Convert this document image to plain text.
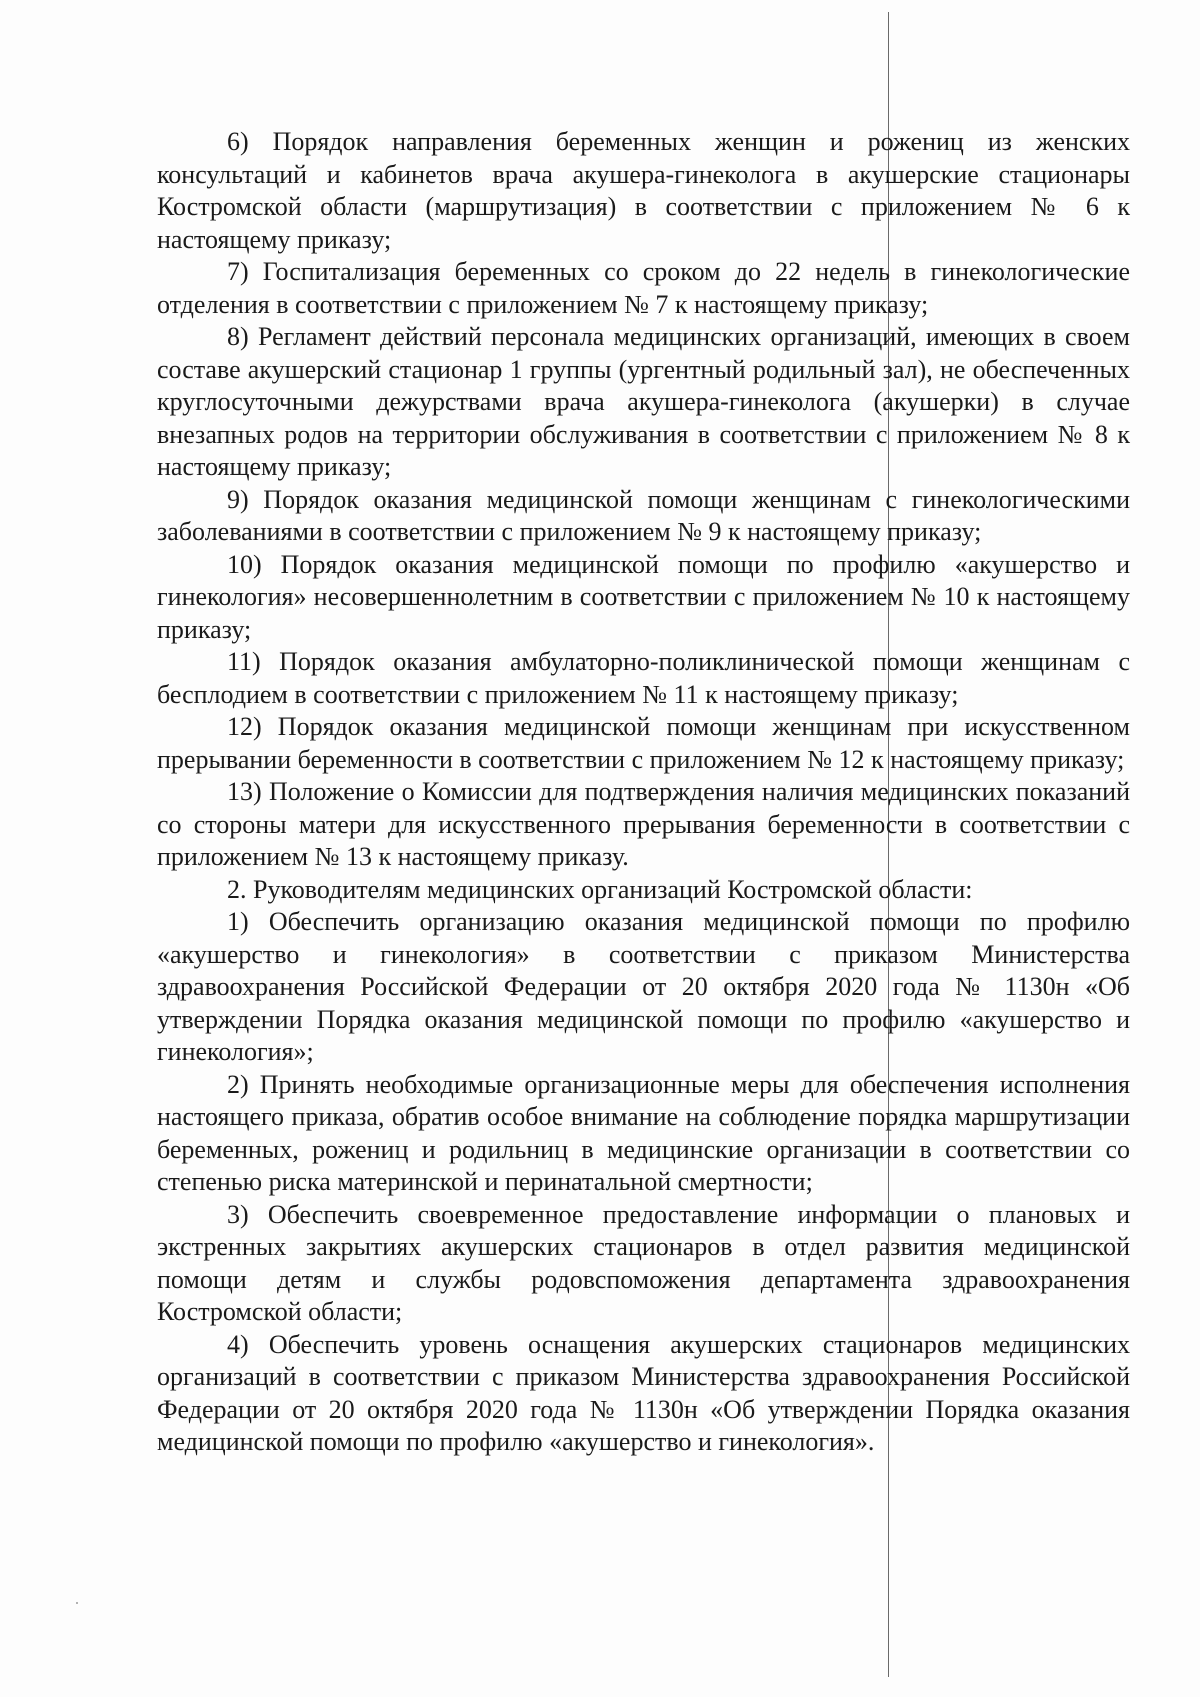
6) Порядок направления беременных женщин и рожениц из женских консультаций и кабинетов врача акушера-гинеколога в акушерские стационары Костромской области (маршрутизация) в соответствии с приложением № 6 к настоящему приказу;

7) Госпитализация беременных со сроком до 22 недель в гинекологические отделения в соответствии с приложением № 7 к настоящему приказу;

8) Регламент действий персонала медицинских организаций, имеющих в своем составе акушерский стационар 1 группы (ургентный родильный зал), не обеспеченных круглосуточными дежурствами врача акушера-гинеколога (акушерки) в случае внезапных родов на территории обслуживания в соответствии с приложением № 8 к настоящему приказу;

9) Порядок оказания медицинской помощи женщинам с гинекологическими заболеваниями в соответствии с приложением № 9 к настоящему приказу;

10) Порядок оказания медицинской помощи по профилю «акушерство и гинекология» несовершеннолетним в соответствии с приложением № 10 к настоящему приказу;

11) Порядок оказания амбулаторно-поликлинической помощи женщинам с бесплодием в соответствии с приложением № 11 к настоящему приказу;

12) Порядок оказания медицинской помощи женщинам при искусственном прерывании беременности в соответствии с приложением № 12 к настоящему приказу;

13) Положение о Комиссии для подтверждения наличия медицинских показаний со стороны матери для искусственного прерывания беременности в соответствии с приложением № 13 к настоящему приказу.

2. Руководителям медицинских организаций Костромской области:

1) Обеспечить организацию оказания медицинской помощи по профилю «акушерство и гинекология» в соответствии с приказом Министерства здравоохранения Российской Федерации от 20 октября 2020 года № 1130н «Об утверждении Порядка оказания медицинской помощи по профилю «акушерство и гинекология»;

2) Принять необходимые организационные меры для обеспечения исполнения настоящего приказа, обратив особое внимание на соблюдение порядка маршрутизации беременных, рожениц и родильниц в медицинские организации в соответствии со степенью риска материнской и перинатальной смертности;

3) Обеспечить своевременное предоставление информации о плановых и экстренных закрытиях акушерских стационаров в отдел развития медицинской помощи детям и службы родовспоможения департамента здравоохранения Костромской области;

4) Обеспечить уровень оснащения акушерских стационаров медицинских организаций в соответствии с приказом Министерства здравоохранения Российской Федерации от 20 октября 2020 года № 1130н «Об утверждении Порядка оказания медицинской помощи по профилю «акушерство и гинекология».
